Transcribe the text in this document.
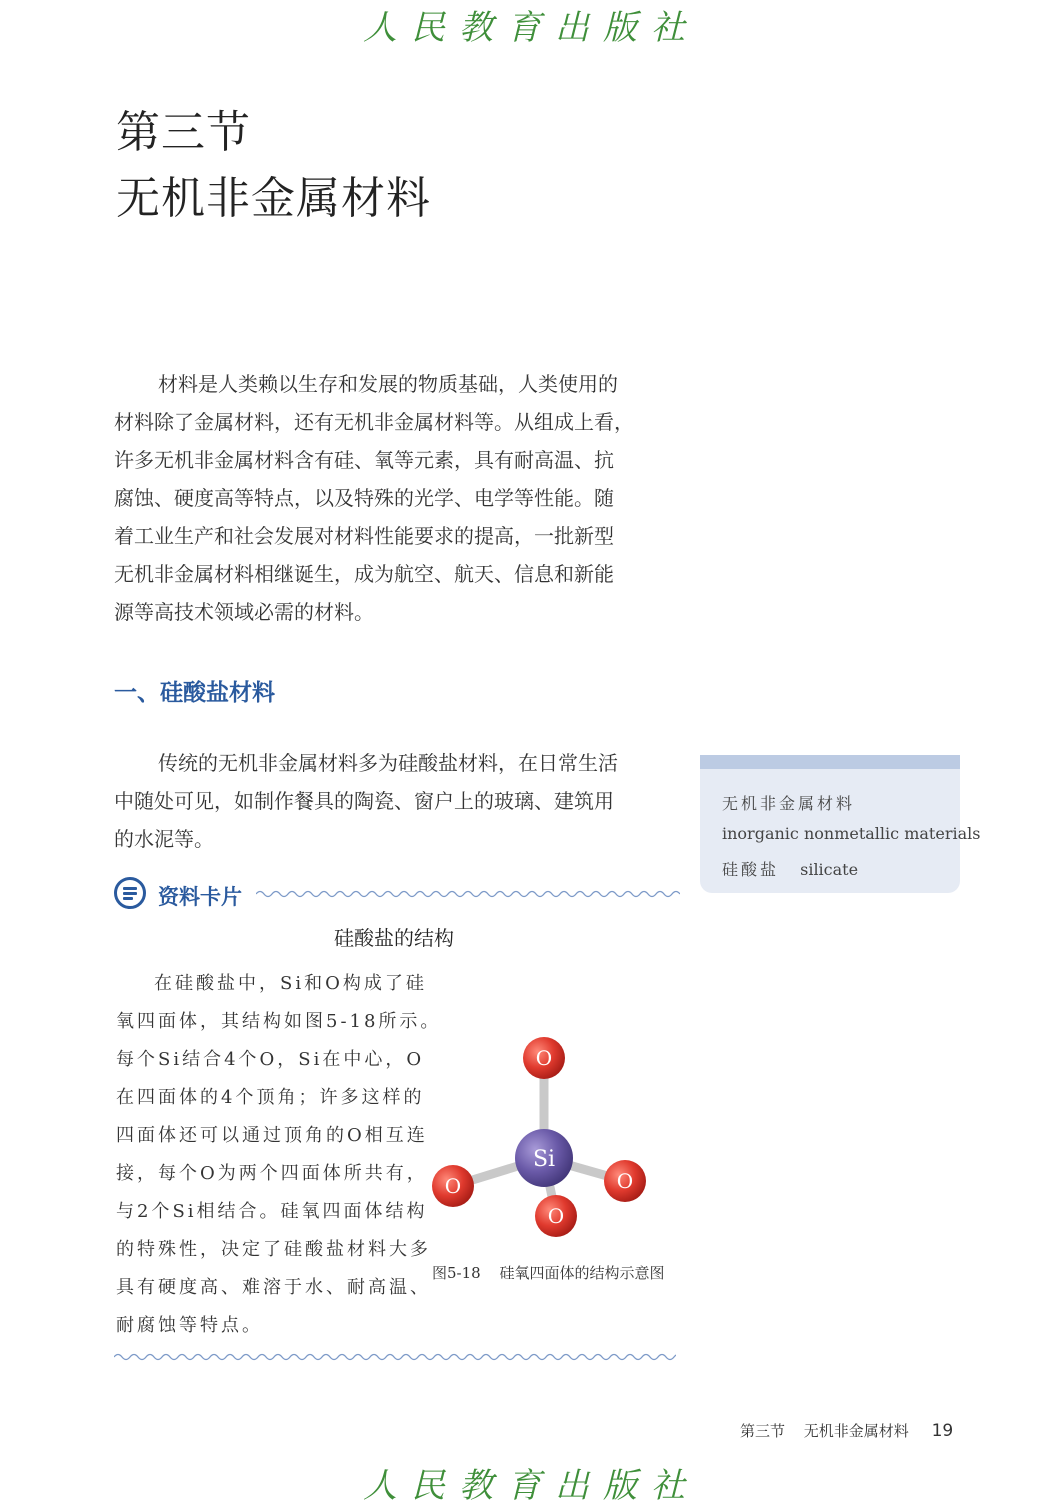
人民教育出版社
第三节
无机非金属材料
材料是人类赖以生存和发展的物质基础，人类使用的
材料除了金属材料，还有无机非金属材料等。从组成上看，
许多无机非金属材料含有硅、氧等元素，具有耐高温、抗
腐蚀、硬度高等特点，以及特殊的光学、电学等性能。随
着工业生产和社会发展对材料性能要求的提高，一批新型
无机非金属材料相继诞生，成为航空、航天、信息和新能
源等高技术领域必需的材料。
一、硅酸盐材料
传统的无机非金属材料多为硅酸盐材料，在日常生活
中随处可见，如制作餐具的陶瓷、窗户上的玻璃、建筑用
的水泥等。
无机非金属材料
inorganic nonmetallic materials
硅酸盐 silicate
资料卡片
硅酸盐的结构
在硅酸盐中，Si和O构成了硅
氧四面体，其结构如图5-18所示。
每个Si结合4个O，Si在中心，O
在四面体的4个顶角；许多这样的
四面体还可以通过顶角的O相互连
接，每个O为两个四面体所共有，
与2个Si相结合。硅氧四面体结构
的特殊性，决定了硅酸盐材料大多
具有硬度高、难溶于水、耐高温、
耐腐蚀等特点。
O
O	O
Si
O
图5-18 硅氧四面体的结构示意图
第三节 无机非金属材料 19
人民教育出版社
